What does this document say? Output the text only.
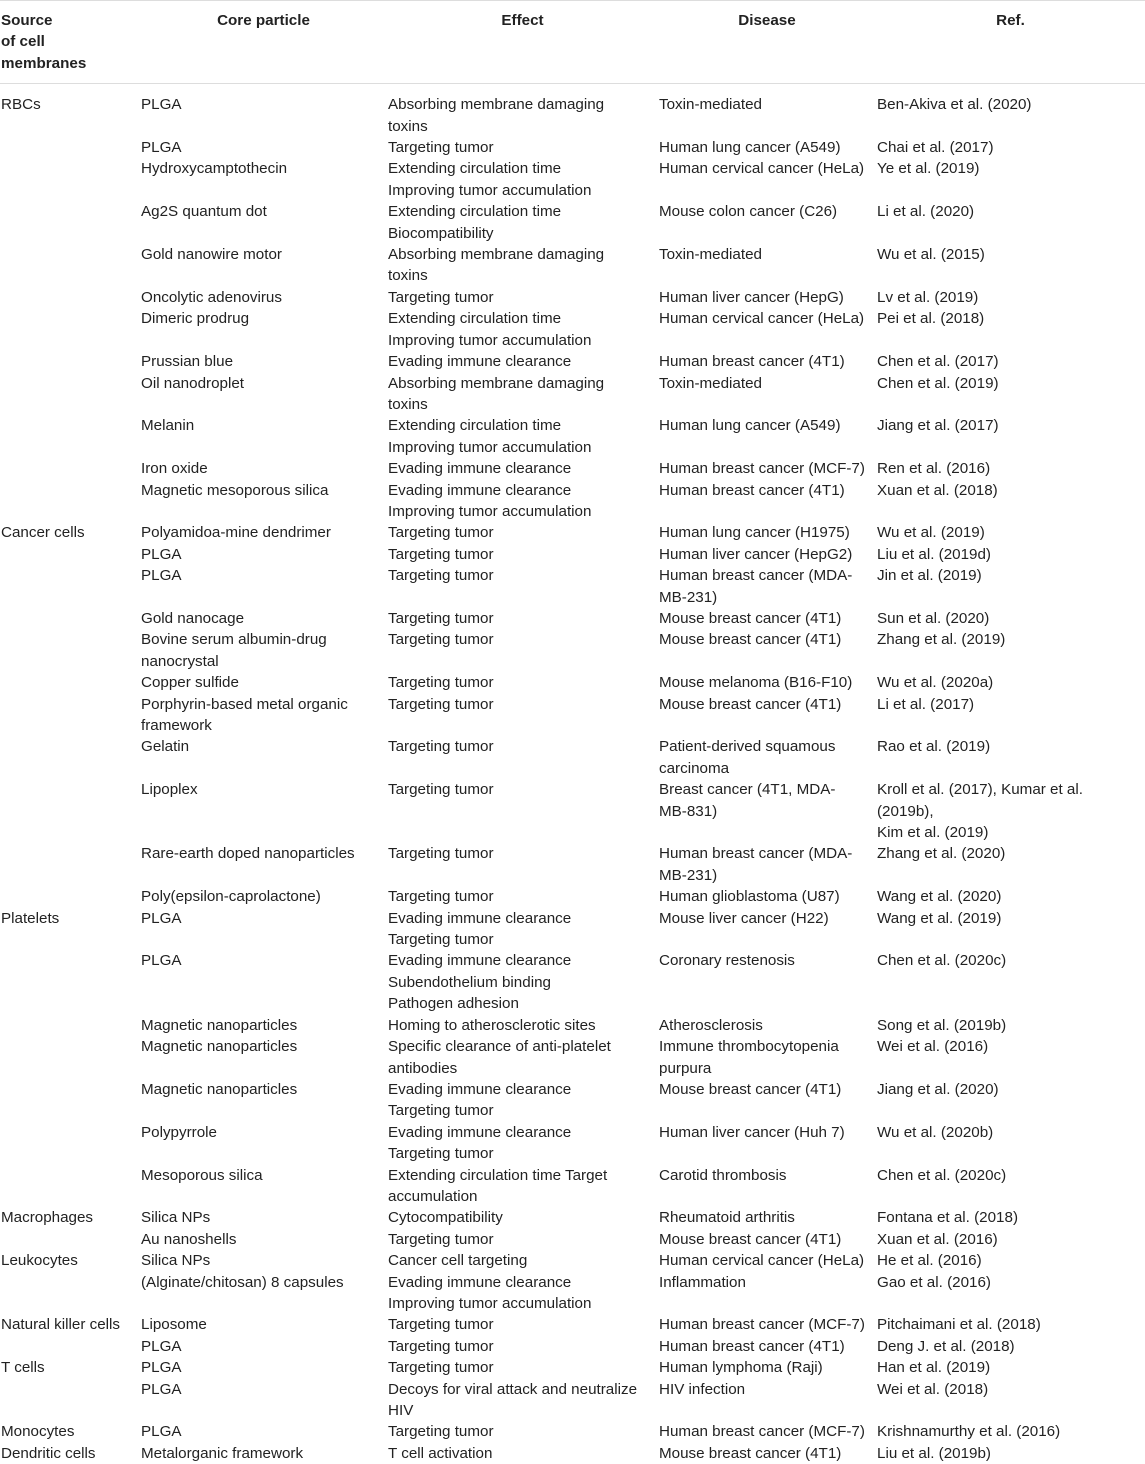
Source
of cell
membranes	Core particle	Effect	Disease	Ref.
RBCs	PLGA	Absorbing membrane damaging
toxins	Toxin-mediated	Ben-Akiva et al. (2020)
	PLGA	Targeting tumor	Human lung cancer (A549)	Chai et al. (2017)
	Hydroxycamptothecin	Extending circulation time
Improving tumor accumulation	Human cervical cancer (HeLa)	Ye et al. (2019)
	Ag2S quantum dot	Extending circulation time
Biocompatibility	Mouse colon cancer (C26)	Li et al. (2020)
	Gold nanowire motor	Absorbing membrane damaging
toxins	Toxin-mediated	Wu et al. (2015)
	Oncolytic adenovirus	Targeting tumor	Human liver cancer (HepG)	Lv et al. (2019)
	Dimeric prodrug	Extending circulation time
Improving tumor accumulation	Human cervical cancer (HeLa)	Pei et al. (2018)
	Prussian blue	Evading immune clearance	Human breast cancer (4T1)	Chen et al. (2017)
	Oil nanodroplet	Absorbing membrane damaging
toxins	Toxin-mediated	Chen et al. (2019)
	Melanin	Extending circulation time
Improving tumor accumulation	Human lung cancer (A549)	Jiang et al. (2017)
	Iron oxide	Evading immune clearance	Human breast cancer (MCF-7)	Ren et al. (2016)
	Magnetic mesoporous silica	Evading immune clearance
Improving tumor accumulation	Human breast cancer (4T1)	Xuan et al. (2018)
Cancer cells	Polyamidoa-mine dendrimer	Targeting tumor	Human lung cancer (H1975)	Wu et al. (2019)
	PLGA	Targeting tumor	Human liver cancer (HepG2)	Liu et al. (2019d)
	PLGA	Targeting tumor	Human breast cancer (MDA-
MB-231)	Jin et al. (2019)
	Gold nanocage	Targeting tumor	Mouse breast cancer (4T1)	Sun et al. (2020)
	Bovine serum albumin-drug
nanocrystal	Targeting tumor	Mouse breast cancer (4T1)	Zhang et al. (2019)
	Copper sulfide	Targeting tumor	Mouse melanoma (B16-F10)	Wu et al. (2020a)
	Porphyrin-based metal organic
framework	Targeting tumor	Mouse breast cancer (4T1)	Li et al. (2017)
	Gelatin	Targeting tumor	Patient-derived squamous
carcinoma	Rao et al. (2019)
	Lipoplex	Targeting tumor	Breast cancer (4T1, MDA-
MB-831)	Kroll et al. (2017), Kumar et al. (2019b),
Kim et al. (2019)
	Rare-earth doped nanoparticles	Targeting tumor	Human breast cancer (MDA-
MB-231)	Zhang et al. (2020)
	Poly(epsilon-caprolactone)	Targeting tumor	Human glioblastoma (U87)	Wang et al. (2020)
Platelets	PLGA	Evading immune clearance
Targeting tumor	Mouse liver cancer (H22)	Wang et al. (2019)
	PLGA	Evading immune clearance
Subendothelium binding
Pathogen adhesion	Coronary restenosis	Chen et al. (2020c)
	Magnetic nanoparticles	Homing to atherosclerotic sites	Atherosclerosis	Song et al. (2019b)
	Magnetic nanoparticles	Specific clearance of anti-platelet
antibodies	Immune thrombocytopenia
purpura	Wei et al. (2016)
	Magnetic nanoparticles	Evading immune clearance
Targeting tumor	Mouse breast cancer (4T1)	Jiang et al. (2020)
	Polypyrrole	Evading immune clearance
Targeting tumor	Human liver cancer (Huh 7)	Wu et al. (2020b)
	Mesoporous silica	Extending circulation time Target
accumulation	Carotid thrombosis	Chen et al. (2020c)
Macrophages	Silica NPs	Cytocompatibility	Rheumatoid arthritis	Fontana et al. (2018)
	Au nanoshells	Targeting tumor	Mouse breast cancer (4T1)	Xuan et al. (2016)
Leukocytes	Silica NPs	Cancer cell targeting	Human cervical cancer (HeLa)	He et al. (2016)
	(Alginate/chitosan) 8 capsules	Evading immune clearance
Improving tumor accumulation	Inflammation	Gao et al. (2016)
Natural killer cells	Liposome	Targeting tumor	Human breast cancer (MCF-7)	Pitchaimani et al. (2018)
	PLGA	Targeting tumor	Human breast cancer (4T1)	Deng J. et al. (2018)
T cells	PLGA	Targeting tumor	Human lymphoma (Raji)	Han et al. (2019)
	PLGA	Decoys for viral attack and neutralize
HIV	HIV infection	Wei et al. (2018)
Monocytes	PLGA	Targeting tumor	Human breast cancer (MCF-7)	Krishnamurthy et al. (2016)
Dendritic cells	Metalorganic framework	T cell activation	Mouse breast cancer (4T1)	Liu et al. (2019b)
